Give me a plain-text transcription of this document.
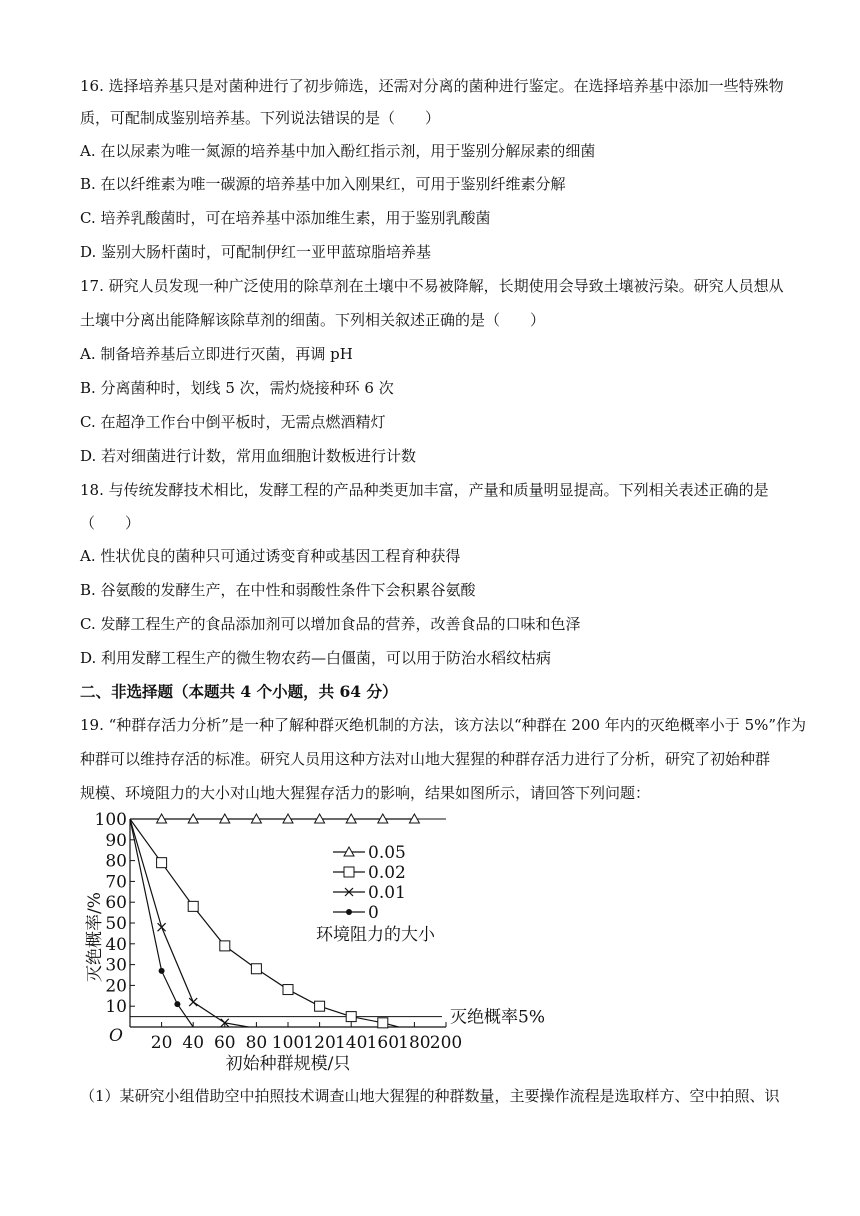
16. 选择培养基只是对菌种进行了初步筛选，还需对分离的菌种进行鉴定。在选择培养基中添加一些特殊物
质，可配制成鉴别培养基。下列说法错误的是（　　）
A. 在以尿素为唯一氮源的培养基中加入酚红指示剂，用于鉴别分解尿素的细菌
B. 在以纤维素为唯一碳源的培养基中加入刚果红，可用于鉴别纤维素分解
C. 培养乳酸菌时，可在培养基中添加维生素，用于鉴别乳酸菌
D. 鉴别大肠杆菌时，可配制伊红一亚甲蓝琼脂培养基
17. 研究人员发现一种广泛使用的除草剂在土壤中不易被降解，长期使用会导致土壤被污染。研究人员想从
土壤中分离出能降解该除草剂的细菌。下列相关叙述正确的是（　　）
A. 制备培养基后立即进行灭菌，再调 pH
B. 分离菌种时，划线 5 次，需灼烧接种环 6 次
C. 在超净工作台中倒平板时，无需点燃酒精灯
D. 若对细菌进行计数，常用血细胞计数板进行计数
18. 与传统发酵技术相比，发酵工程的产品种类更加丰富，产量和质量明显提高。下列相关表述正确的是
（　　）
A. 性状优良的菌种只可通过诱变育种或基因工程育种获得
B. 谷氨酸的发酵生产，在中性和弱酸性条件下会积累谷氨酸
C. 发酵工程生产的食品添加剂可以增加食品的营养，改善食品的口味和色泽
D. 利用发酵工程生产的微生物农药—白僵菌，可以用于防治水稻纹枯病
二、非选择题（本题共 4 个小题，共 64 分）
19. “种群存活力分析”是一种了解种群灭绝机制的方法，该方法以“种群在 200 年内的灭绝概率小于 5%”作为
种群可以维持存活的标准。研究人员用这种方法对山地大猩猩的种群存活力进行了分析，研究了初始种群
规模、环境阻力的大小对山地大猩猩存活力的影响，结果如图所示，请回答下列问题：
10
20
30
40
50
60
70
80
90
100
20 40 60 80 100 120 140 160 180 200
O
初始种群规模/只
灭绝概率/%
灭绝概率5%
0.05
0.02
0.01
0
环境阻力的大小
（1）某研究小组借助空中拍照技术调查山地大猩猩的种群数量，主要操作流程是选取样方、空中拍照、识
